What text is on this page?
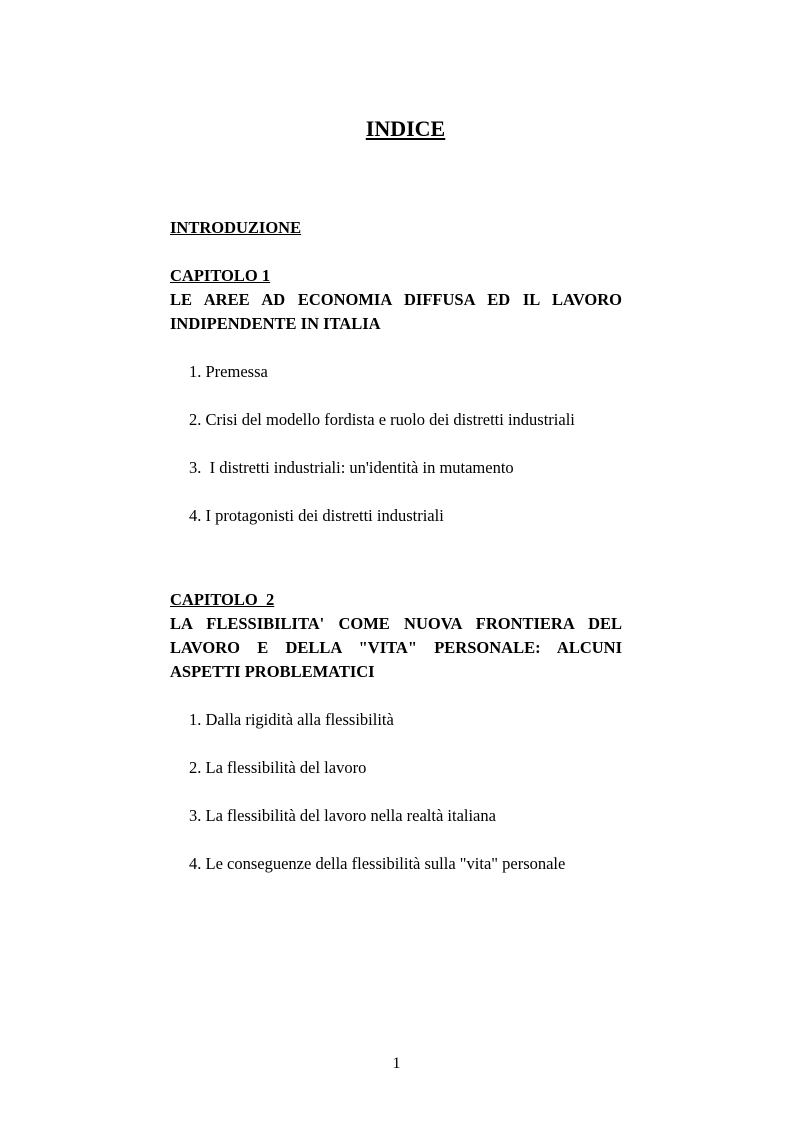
INDICE
INTRODUZIONE
CAPITOLO 1
LE AREE AD ECONOMIA DIFFUSA ED IL LAVORO INDIPENDENTE IN ITALIA
1. Premessa
2. Crisi del modello fordista e ruolo dei distretti industriali
3.  I distretti industriali: un'identità in mutamento
4. I protagonisti dei distretti industriali
CAPITOLO  2
LA FLESSIBILITA' COME NUOVA FRONTIERA DEL LAVORO E DELLA "VITA" PERSONALE: ALCUNI ASPETTI PROBLEMATICI
1. Dalla rigidità alla flessibilità
2. La flessibilità del lavoro
3. La flessibilità del lavoro nella realtà italiana
4. Le conseguenze della flessibilità sulla "vita" personale
1
